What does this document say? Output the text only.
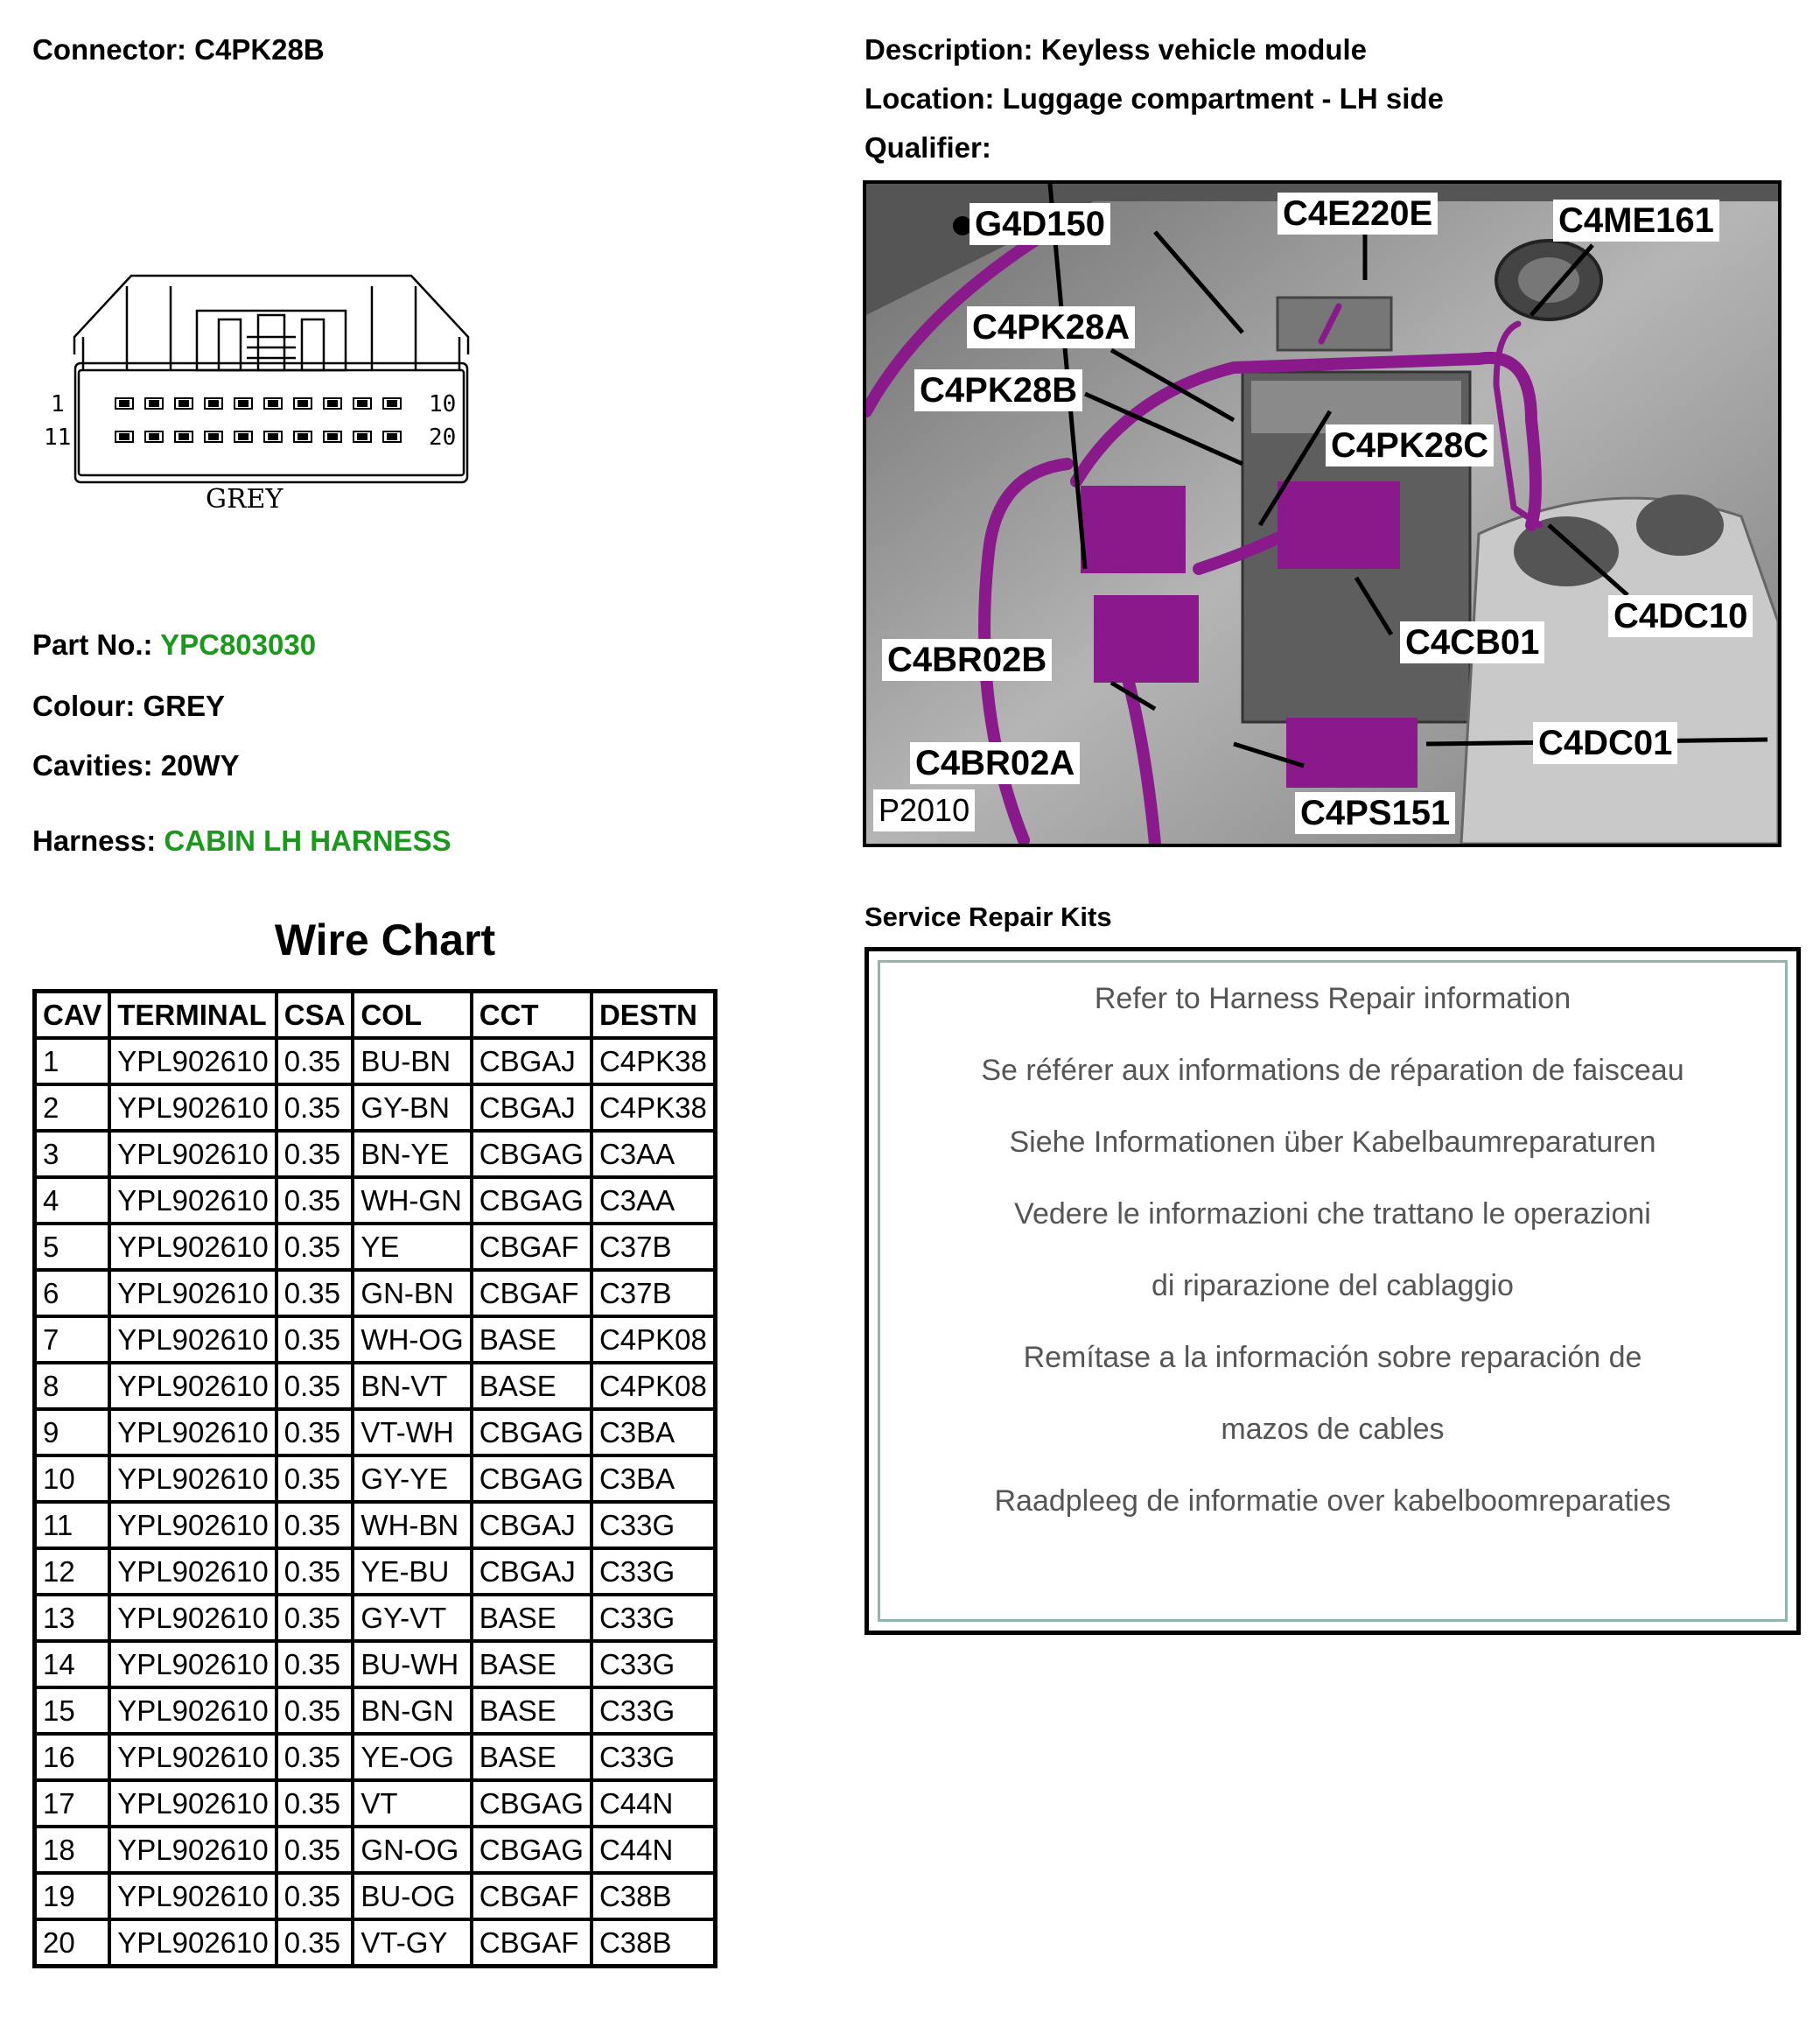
Connector: C4PK28B	Description: Keyless vehicle module
Location: Luggage compartment - LH side
Qualifier:
1
11
10
20
GREY
Part No.: YPC803030
Colour: GREY
Cavities: 20WY
Harness: CABIN LH HARNESS
Wire Chart
CAV	TERMINAL	CSA	COL	CCT	DESTN
1	YPL902610	0.35	BU-BN	CBGAJ	C4PK38
2	YPL902610	0.35	GY-BN	CBGAJ	C4PK38
3	YPL902610	0.35	BN-YE	CBGAG	C3AA
4	YPL902610	0.35	WH-GN	CBGAG	C3AA
5	YPL902610	0.35	YE	CBGAF	C37B
6	YPL902610	0.35	GN-BN	CBGAF	C37B
7	YPL902610	0.35	WH-OG	BASE	C4PK08
8	YPL902610	0.35	BN-VT	BASE	C4PK08
9	YPL902610	0.35	VT-WH	CBGAG	C3BA
10	YPL902610	0.35	GY-YE	CBGAG	C3BA
11	YPL902610	0.35	WH-BN	CBGAJ	C33G
12	YPL902610	0.35	YE-BU	CBGAJ	C33G
13	YPL902610	0.35	GY-VT	BASE	C33G
14	YPL902610	0.35	BU-WH	BASE	C33G
15	YPL902610	0.35	BN-GN	BASE	C33G
16	YPL902610	0.35	YE-OG	BASE	C33G
17	YPL902610	0.35	VT	CBGAG	C44N
18	YPL902610	0.35	GN-OG	CBGAG	C44N
19	YPL902610	0.35	BU-OG	CBGAF	C38B
20	YPL902610	0.35	VT-GY	CBGAF	C38B
G4D150	C4E220E	C4ME161
C4PK28A
C4PK28B
C4PK28C
C4DC10
C4CB01
C4BR02B
C4DC01
C4BR02A
C4PS151
P2010
Service Repair Kits
Refer to Harness Repair information
Se référer aux informations de réparation de faisceau
Siehe Informationen über Kabelbaumreparaturen
Vedere le informazioni che trattano le operazioni
di riparazione del cablaggio
Remítase a la información sobre reparación de
mazos de cables
Raadpleeg de informatie over kabelboomreparaties
